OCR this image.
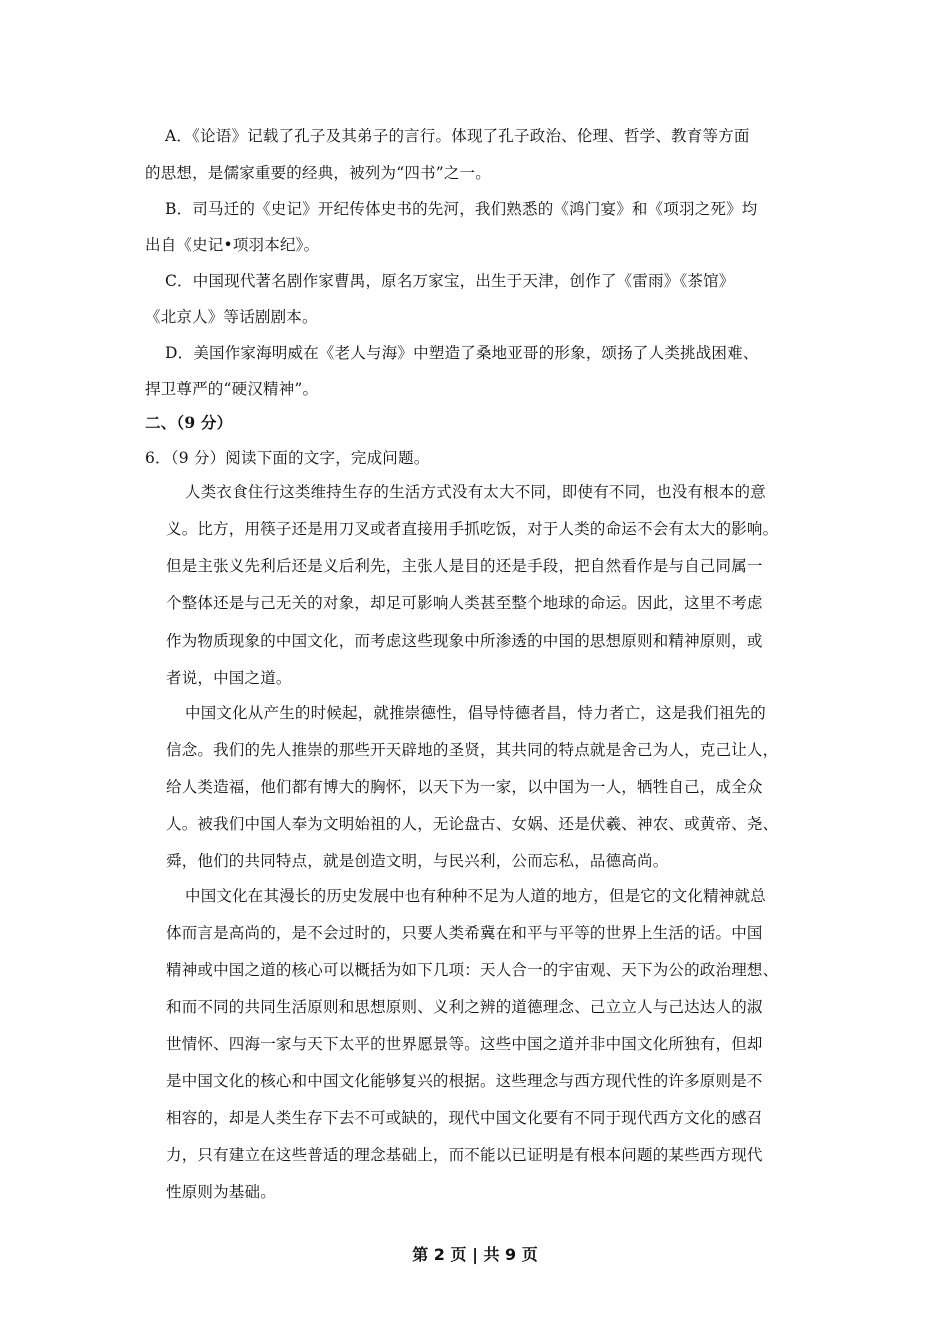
A．《论语》记载了孔子及其弟子的言行。体现了孔子政治、伦理、哲学、教育等方面
的思想，是儒家重要的经典，被列为“四书”之一。
B．司马迁的《史记》开纪传体史书的先河，我们熟悉的《鸿门宴》和《项羽之死》均
出自《史记•项羽本纪》。
C．中国现代著名剧作家曹禺，原名万家宝，出生于天津，创作了《雷雨》《茶馆》
《北京人》等话剧剧本。
D．美国作家海明威在《老人与海》中塑造了桑地亚哥的形象，颂扬了人类挑战困难、
捍卫尊严的“硬汉精神”。
二、（9 分）
6．（9 分）阅读下面的文字，完成问题。
人类衣食住行这类维持生存的生活方式没有太大不同，即使有不同，也没有根本的意
义。比方，用筷子还是用刀叉或者直接用手抓吃饭，对于人类的命运不会有太大的影响。
但是主张义先利后还是义后利先，主张人是目的还是手段，把自然看作是与自己同属一
个整体还是与己无关的对象，却足可影响人类甚至整个地球的命运。因此，这里不考虑
作为物质现象的中国文化，而考虑这些现象中所渗透的中国的思想原则和精神原则，或
者说，中国之道。
中国文化从产生的时候起，就推崇德性，倡导恃德者昌，恃力者亡，这是我们祖先的
信念。我们的先人推崇的那些开天辟地的圣贤，其共同的特点就是舍己为人，克己让人，
给人类造福，他们都有博大的胸怀，以天下为一家，以中国为一人，牺牲自己，成全众
人。被我们中国人奉为文明始祖的人，无论盘古、女娲、还是伏羲、神农、或黄帝、尧、
舜，他们的共同特点，就是创造文明，与民兴利，公而忘私，品德高尚。
中国文化在其漫长的历史发展中也有种种不足为人道的地方，但是它的文化精神就总
体而言是高尚的，是不会过时的，只要人类希冀在和平与平等的世界上生活的话。中国
精神或中国之道的核心可以概括为如下几项：天人合一的宇宙观、天下为公的政治理想、
和而不同的共同生活原则和思想原则、义利之辨的道德理念、己立立人与己达达人的淑
世情怀、四海一家与天下太平的世界愿景等。这些中国之道并非中国文化所独有，但却
是中国文化的核心和中国文化能够复兴的根据。这些理念与西方现代性的许多原则是不
相容的，却是人类生存下去不可或缺的，现代中国文化要有不同于现代西方文化的感召
力，只有建立在这些普适的理念基础上，而不能以已证明是有根本问题的某些西方现代
性原则为基础。
第 2 页 | 共 9 页
